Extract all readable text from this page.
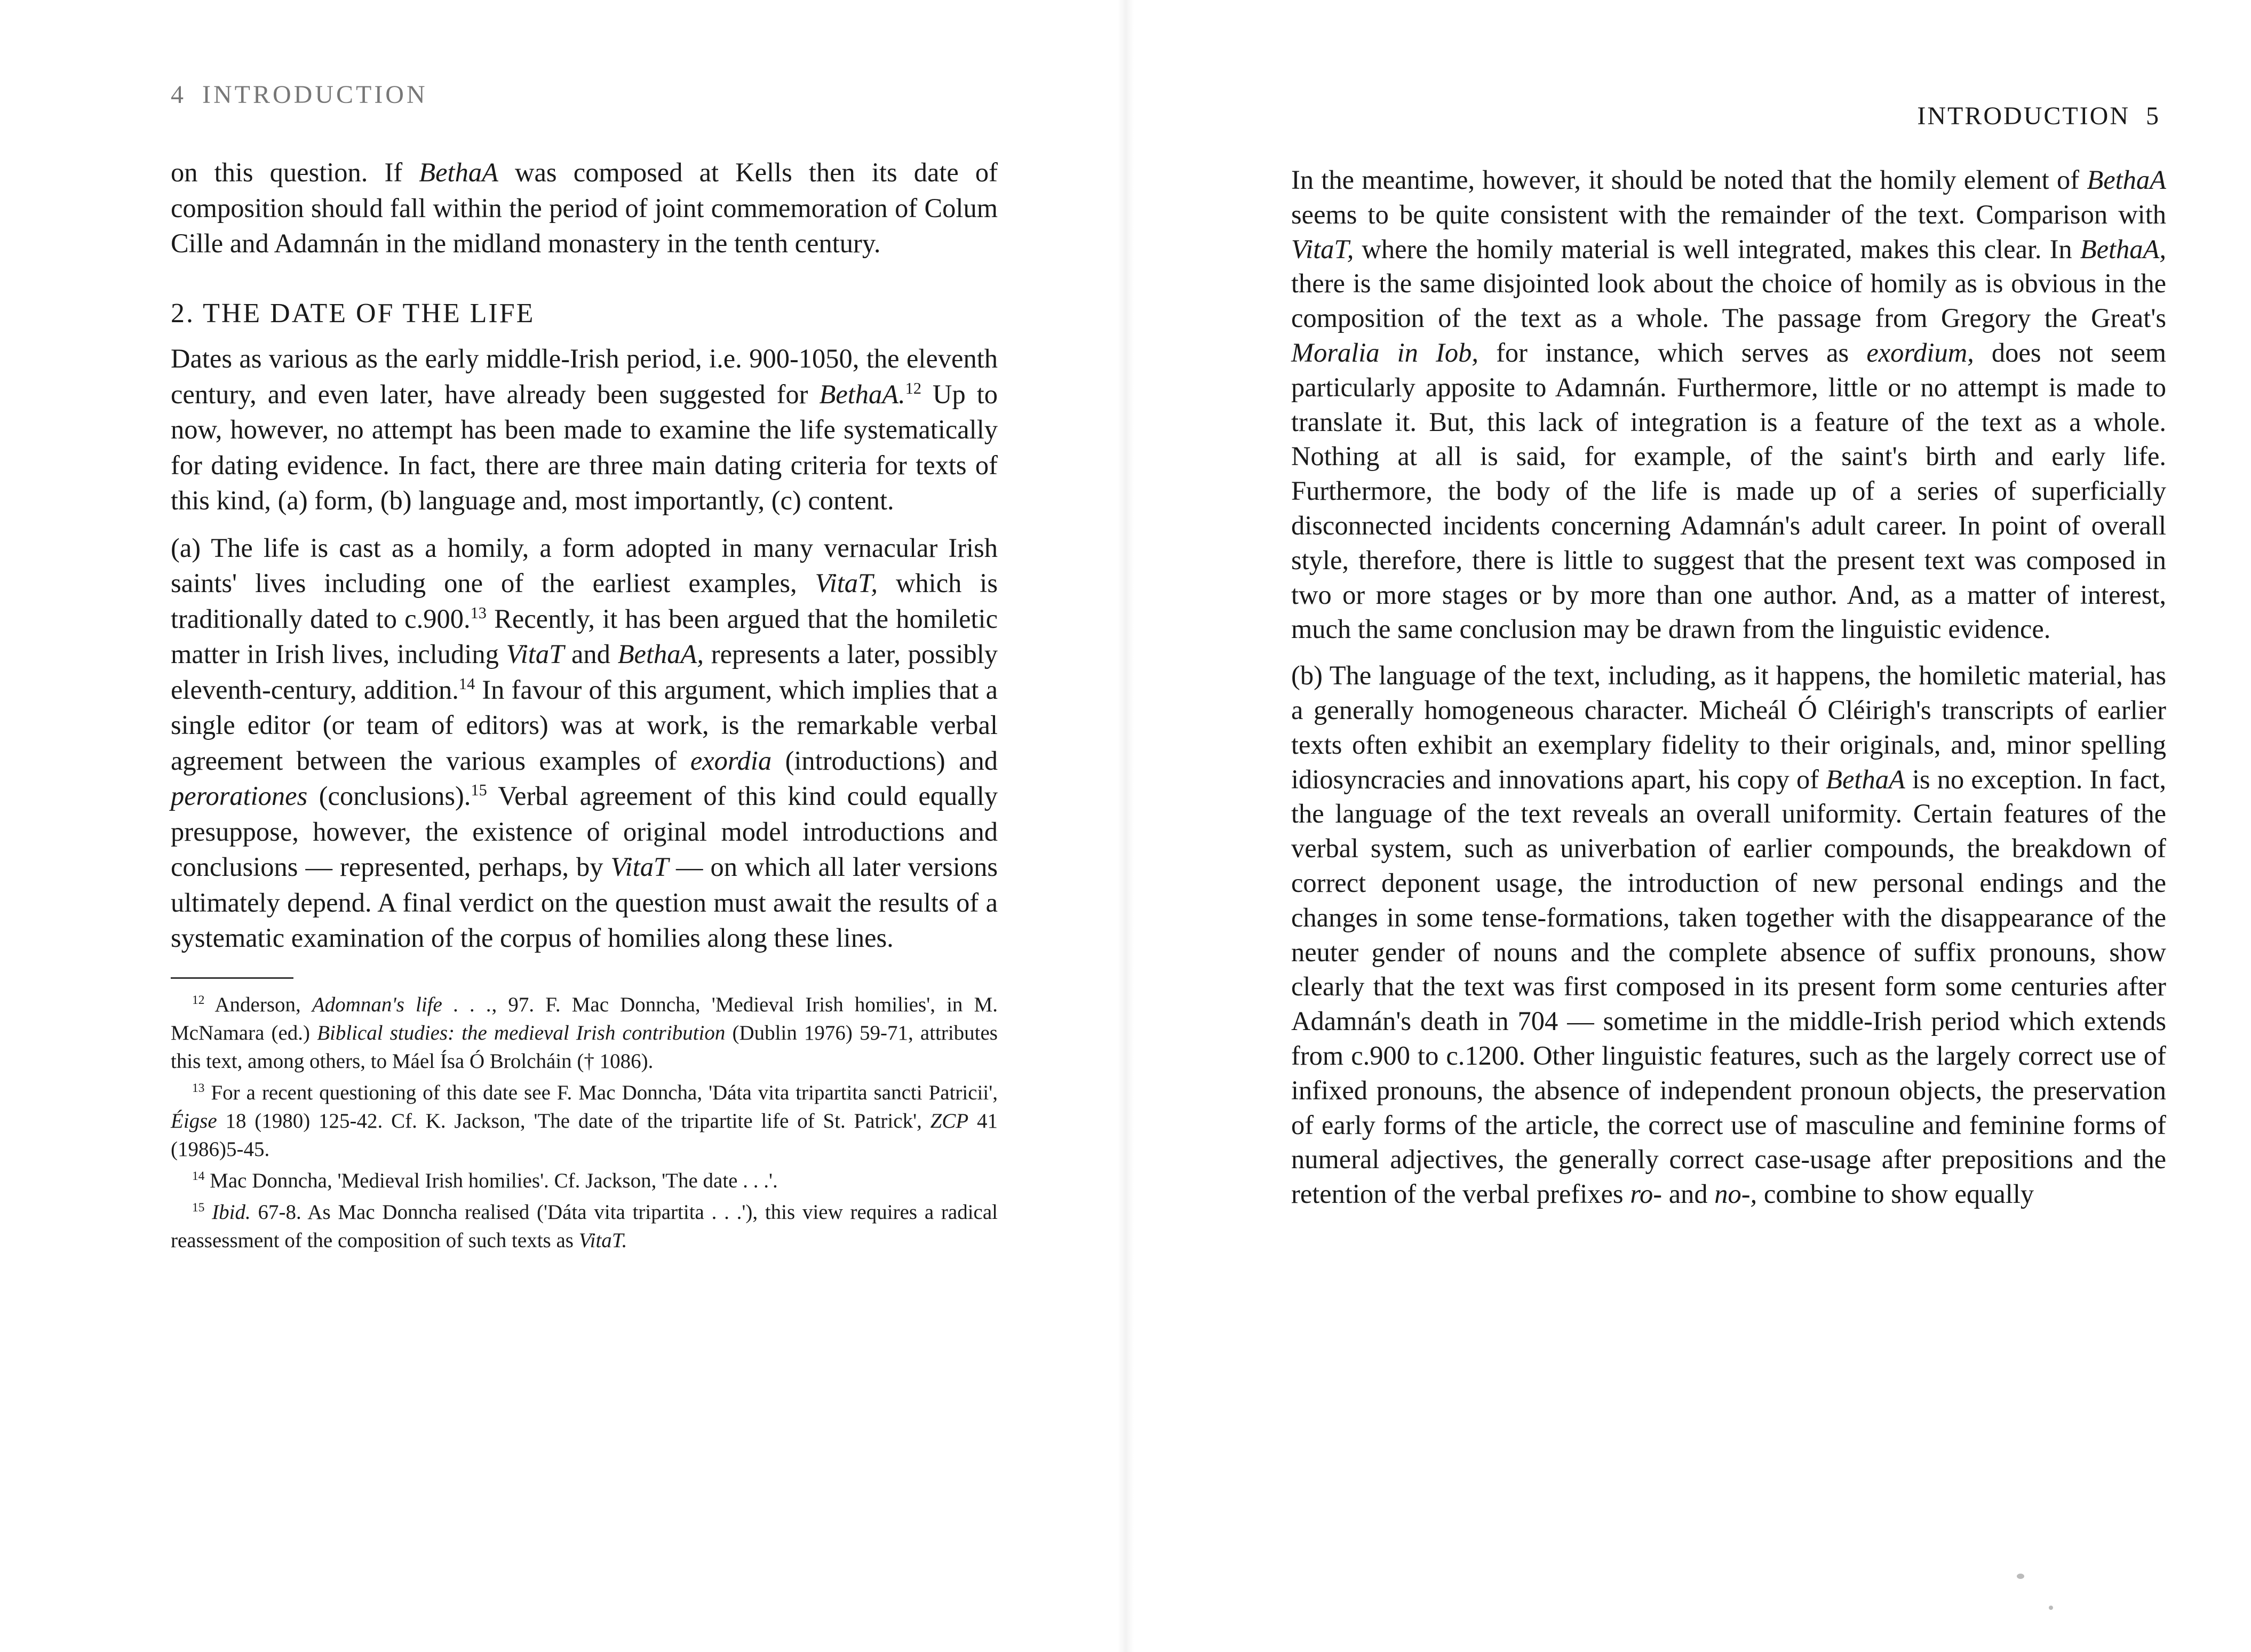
4 INTRODUCTION

on this question. If BethaA was composed at Kells then its date of composition should fall within the period of joint commemoration of Colum Cille and Adamnán in the midland monastery in the tenth century.

2. THE DATE OF THE LIFE

Dates as various as the early middle-Irish period, i.e. 900-1050, the eleventh century, and even later, have already been suggested for BethaA.$^{12}$ Up to now, however, no attempt has been made to examine the life systematically for dating evidence. In fact, there are three main dating criteria for texts of this kind, (a) form, (b) language and, most importantly, (c) content.

(a) The life is cast as a homily, a form adopted in many vernacular Irish saints' lives including one of the earliest examples, VitaT, which is traditionally dated to c.900.13 Recently, it has been argued that the homiletic matter in Irish lives, including VitaT and BethaA, represents a later, possibly eleventh-century, addition.$^{14}$ In favour of this argument, which implies that a single editor (or team of editors) was at work, is the remarkable verbal agreement between the various examples of exordia (introductions) and perorationes (conclusions).$^{15}$ Verbal agreement of this kind could equally presuppose, however, the existence of original model introductions and conclusions — represented, perhaps, by VitaT — on which all later versions ultimately depend. A final verdict on the question must await the results of a systematic examination of the corpus of homilies along these lines.

$^{12}$ Anderson, Adomnan's life . . ., 97. F. Mac Donncha, 'Medieval Irish homilies', in M. McNamara (ed.) Biblical studies: the medieval Irish contribution (Dublin 1976) 59-71, attributes this text, among others, to Máel Ísa Ó Brolcháin († 1086).

$^{13}$ For a recent questioning of this date see F. Mac Donncha, 'Dáta vita tripartita sancti Patricii', Éigse 18 (1980) 125-42. Cf. K. Jackson, 'The date of the tripartite life of St. Patrick', ZCP 41 (1986)5-45.

$^{14}$ Mac Donncha, 'Medieval Irish homilies'. Cf. Jackson, 'The date . . .'.

$^{15}$ Ibid. 67-8. As Mac Donncha realised ('Dáta vita tripartita . . .'), this view requires a radical reassessment of the composition of such texts as VitaT.

INTRODUCTION 5

In the meantime, however, it should be noted that the homily element of BethaA seems to be quite consistent with the remainder of the text. Comparison with VitaT, where the homily material is well integrated, makes this clear. In BethaA, there is the same disjointed look about the choice of homily as is obvious in the composition of the text as a whole. The passage from Gregory the Great's Moralia in Iob, for instance, which serves as exordium, does not seem particularly apposite to Adamnán. Furthermore, little or no attempt is made to translate it. But, this lack of integration is a feature of the text as a whole. Nothing at all is said, for example, of the saint's birth and early life. Furthermore, the body of the life is made up of a series of superficially disconnected incidents concerning Adamnán's adult career. In point of overall style, therefore, there is little to suggest that the present text was composed in two or more stages or by more than one author. And, as a matter of interest, much the same conclusion may be drawn from the linguistic evidence.

(b) The language of the text, including, as it happens, the homiletic material, has a generally homogeneous character. Micheál Ó Cléirigh's transcripts of earlier texts often exhibit an exemplary fidelity to their originals, and, minor spelling idiosyncracies and innovations apart, his copy of BethaA is no exception. In fact, the language of the text reveals an overall uniformity. Certain features of the verbal system, such as univerbation of earlier compounds, the breakdown of correct deponent usage, the introduction of new personal endings and the changes in some tense-formations, taken together with the disappearance of the neuter gender of nouns and the complete absence of suffix pronouns, show clearly that the text was first composed in its present form some centuries after Adamnán's death in 704 — sometime in the middle-Irish period which extends from c.900 to c.1200. Other linguistic features, such as the largely correct use of infixed pronouns, the absence of independent pronoun objects, the preservation of early forms of the article, the correct use of masculine and feminine forms of numeral adjectives, the generally correct case-usage after prepositions and the retention of the verbal prefixes ro- and no-, combine to show equally
